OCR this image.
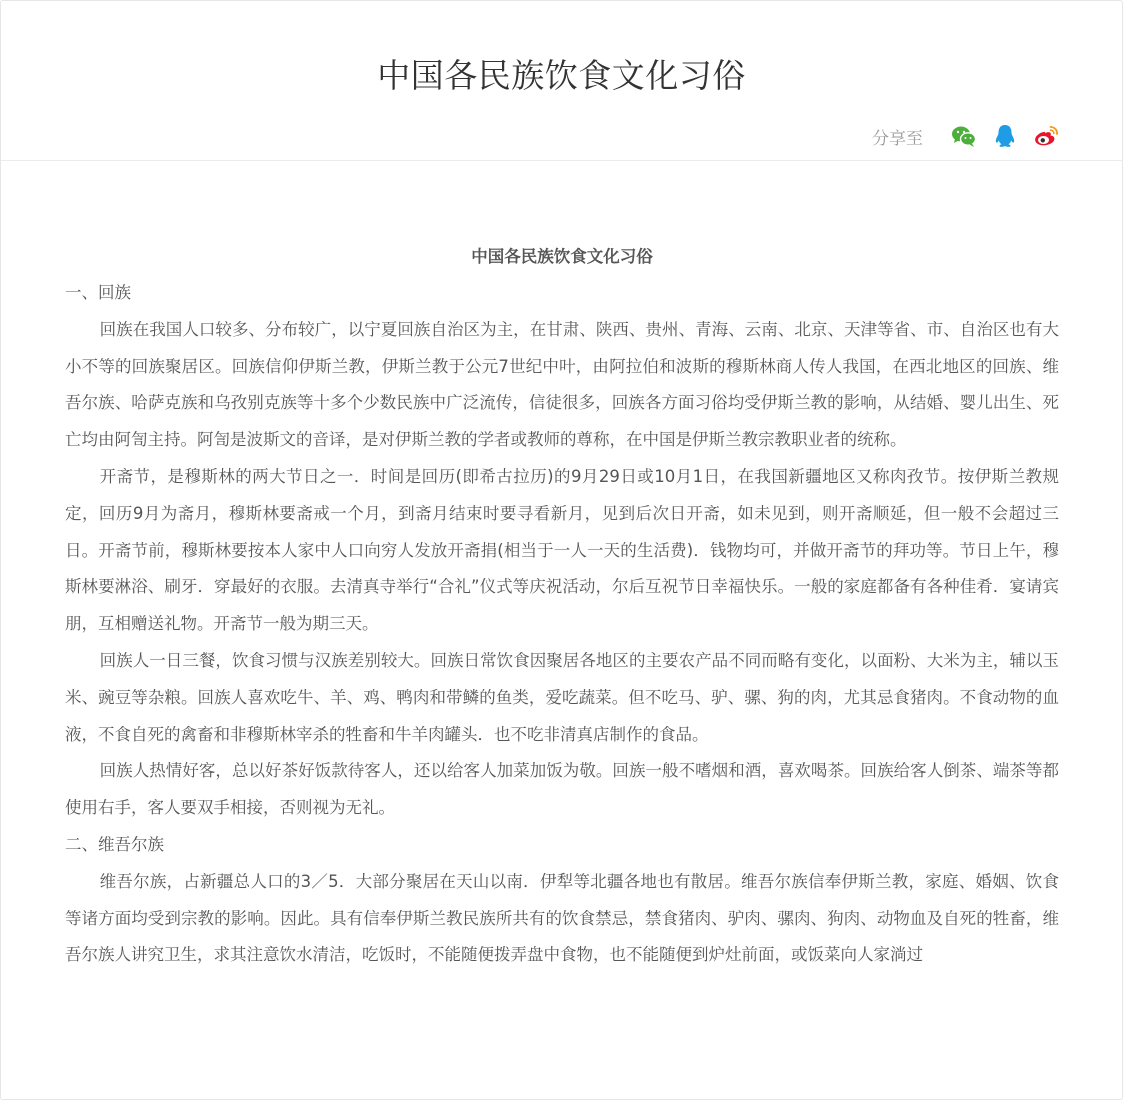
中国各民族饮食文化习俗
分享至
中国各民族饮食文化习俗
一、回族

回族在我国人口较多、分布较广，以宁夏回族自治区为主，在甘肃、陕西、贵州、青海、云南、北京、天津等省、市、自治区也有大小不等的回族聚居区。回族信仰伊斯兰教，伊斯兰教于公元7世纪中叶，由阿拉伯和波斯的穆斯林商人传人我国，在西北地区的回族、维吾尔族、哈萨克族和乌孜别克族等十多个少数民族中广泛流传，信徒很多，回族各方面习俗均受伊斯兰教的影响，从结婚、婴儿出生、死亡均由阿訇主持。阿訇是波斯文的音译，是对伊斯兰教的学者或教师的尊称，在中国是伊斯兰教宗教职业者的统称。

开斋节，是穆斯林的两大节日之一．时间是回历(即希古拉历)的9月29日或10月1日，在我国新疆地区又称肉孜节。按伊斯兰教规定，回历9月为斋月，穆斯林要斋戒一个月，到斋月结束时要寻看新月，见到后次日开斋，如未见到，则开斋顺延，但一般不会超过三日。开斋节前，穆斯林要按本人家中人口向穷人发放开斋捐(相当于一人一天的生活费)．钱物均可，并做开斋节的拜功等。节日上午，穆斯林要淋浴、刷牙．穿最好的衣服。去清真寺举行“合礼”仪式等庆祝活动，尔后互祝节日幸福快乐。一般的家庭都备有各种佳肴．宴请宾朋，互相赠送礼物。开斋节一般为期三天。

回族人一日三餐，饮食习惯与汉族差别较大。回族日常饮食因聚居各地区的主要农产品不同而略有变化，以面粉、大米为主，辅以玉米、豌豆等杂粮。回族人喜欢吃牛、羊、鸡、鸭肉和带鳞的鱼类，爱吃蔬菜。但不吃马、驴、骡、狗的肉，尤其忌食猪肉。不食动物的血液，不食自死的禽畜和非穆斯林宰杀的牲畜和牛羊肉罐头．也不吃非清真店制作的食品。

回族人热情好客，总以好茶好饭款待客人，还以给客人加菜加饭为敬。回族一般不嗜烟和酒，喜欢喝茶。回族给客人倒茶、端茶等都使用右手，客人要双手相接，否则视为无礼。

二、维吾尔族

维吾尔族，占新疆总人口的3／5．大部分聚居在天山以南．伊犁等北疆各地也有散居。维吾尔族信奉伊斯兰教，家庭、婚姻、饮食等诸方面均受到宗教的影响。因此。具有信奉伊斯兰教民族所共有的饮食禁忌，禁食猪肉、驴肉、骡肉、狗肉、动物血及自死的牲畜，维吾尔族人讲究卫生，求其注意饮水清洁，吃饭时，不能随便拨弄盘中食物，也不能随便到炉灶前面，或饭菜向人家淌过
